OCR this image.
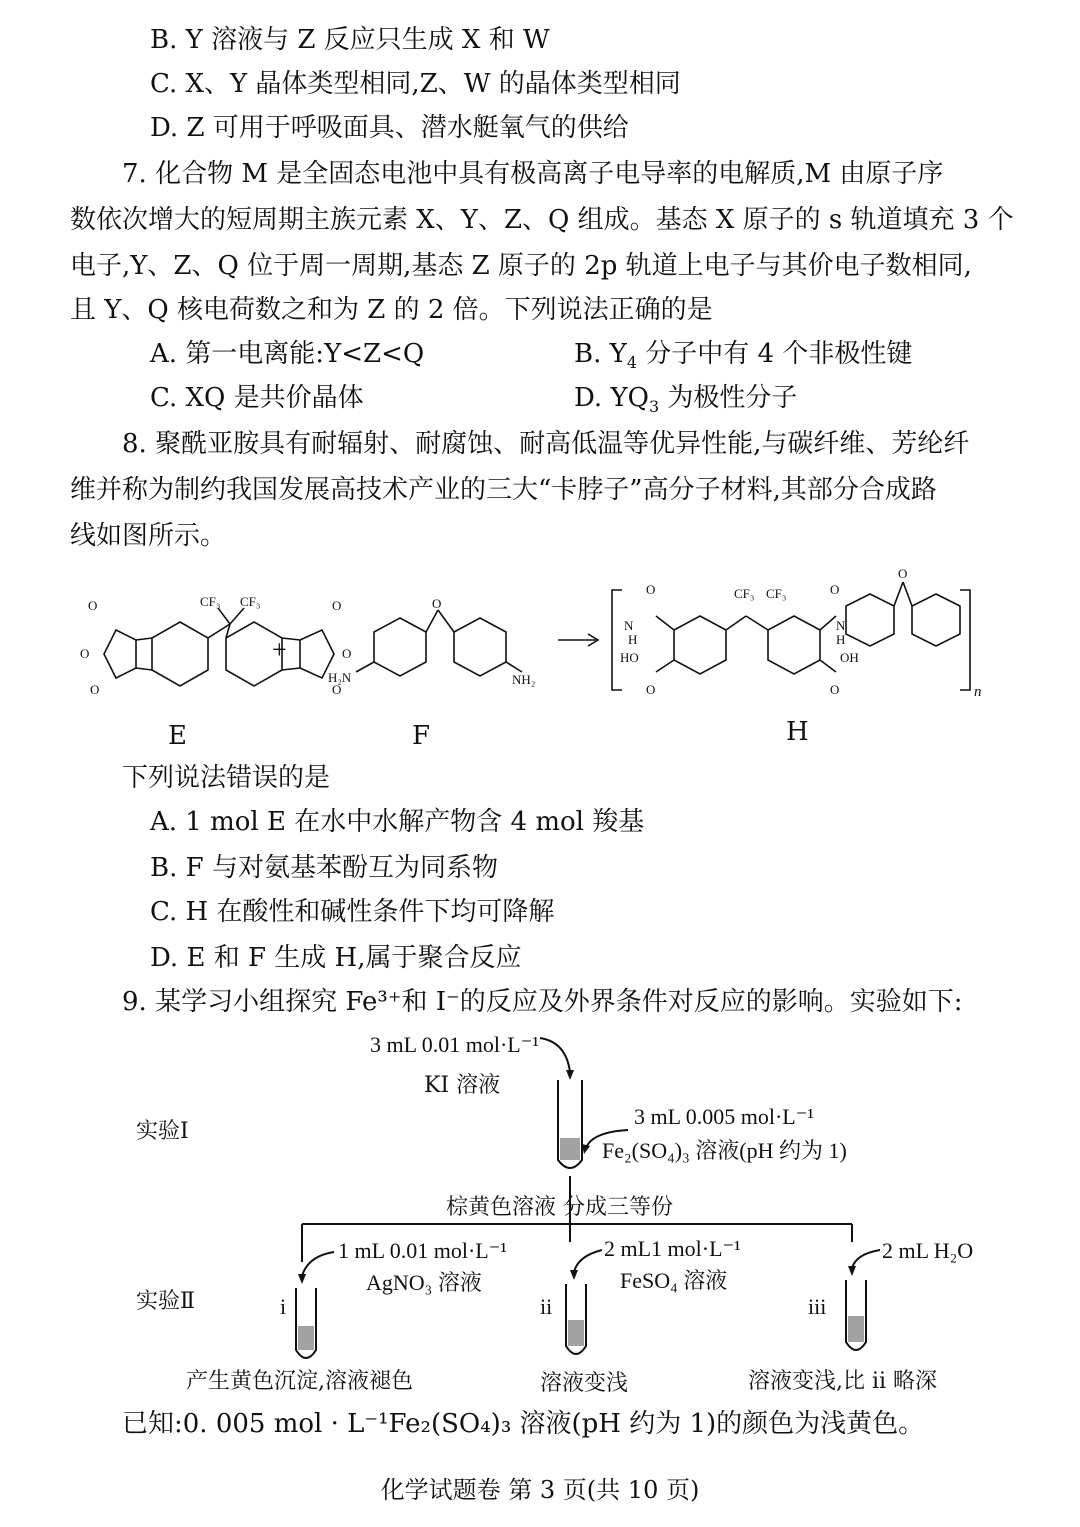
B. Y 溶液与 Z 反应只生成 X 和 W
C. X、Y 晶体类型相同,Z、W 的晶体类型相同
D. Z 可用于呼吸面具、潜水艇氧气的供给
7. 化合物 M 是全固态电池中具有极高离子电导率的电解质,M 由原子序
数依次增大的短周期主族元素 X、Y、Z、Q 组成。基态 X 原子的 s 轨道填充 3 个
电子,Y、Z、Q 位于周一周期,基态 Z 原子的 2p 轨道上电子与其价电子数相同,
且 Y、Q 核电荷数之和为 Z 的 2 倍。下列说法正确的是
A. 第一电离能:Y<Z<Q	B. $Y_4$ 分子中有 4 个非极性键
C. XQ 是共价晶体	D. $YQ_3$ 为极性分子
8. 聚酰亚胺具有耐辐射、耐腐蚀、耐高低温等优异性能,与碳纤维、芳纶纤
维并称为制约我国发展高技术产业的三大“卡脖子”高分子材料,其部分合成路
线如图所示。
O
O
O
CF₃ CF₃	O
O
O
O
H₂N	NH₂
O
N
H
HO
O
CF₃ CF₃	O
N
H
OH
O
O
n
+
E	F	H
下列说法错误的是
A. 1 mol E 在水中水解产物含 4 mol 羧基
B. F 与对氨基苯酚互为同系物
C. H 在酸性和碱性条件下均可降解
D. E 和 F 生成 H,属于聚合反应
9. 某学习小组探究 Fe³⁺和 I⁻的反应及外界条件对反应的影响。实验如下:
3 mL 0.01 mol·L⁻¹
KI 溶液
实验Ⅰ
3 mL 0.005 mol·L⁻¹
Fe₂(SO₄)₃ 溶液(pH 约为 1)
棕黄色溶液 分成三等份
1 mL 0.01 mol·L⁻¹
AgNO₃ 溶液
2 mL1 mol·L⁻¹
FeSO₄ 溶液
2 mL H₂O
实验Ⅱ	i	ii	iii
产生黄色沉淀,溶液褪色	溶液变浅	溶液变浅,比 ii 略深
已知:0. 005 mol · L⁻¹Fe₂(SO₄)₃ 溶液(pH 约为 1)的颜色为浅黄色。
化学试题卷 第 3 页(共 10 页)
